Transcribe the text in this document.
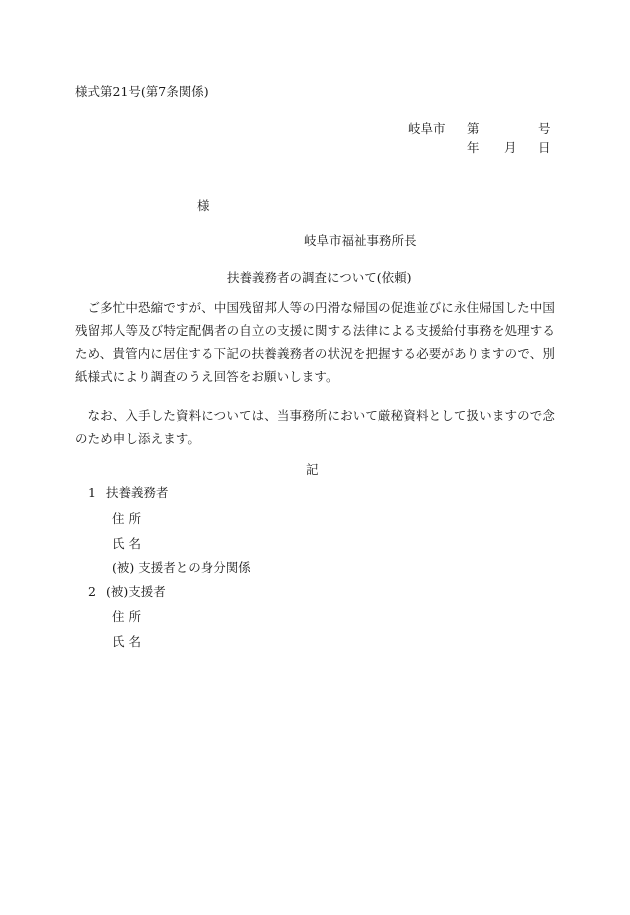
様式第21号(第7条関係)
岐阜市 第	号
年 月 日
様
岐阜市福祉事務所長
扶養義務者の調査について(依頼)
ご多忙中恐縮ですが、中国残留邦人等の円滑な帰国の促進並びに永住帰国した中国残留邦人等及び特定配偶者の自立の支援に関する法律による支援給付事務を処理するため、貴管内に居住する下記の扶養義務者の状況を把握する必要がありますので、別紙様式により調査のうえ回答をお願いします。
なお、入手した資料については、当事務所において厳秘資料として扱いますので念のため申し添えます。
記
1 扶養義務者
住 所
氏 名
(被) 支援者との身分関係
2 (被)支援者
住 所
氏 名
